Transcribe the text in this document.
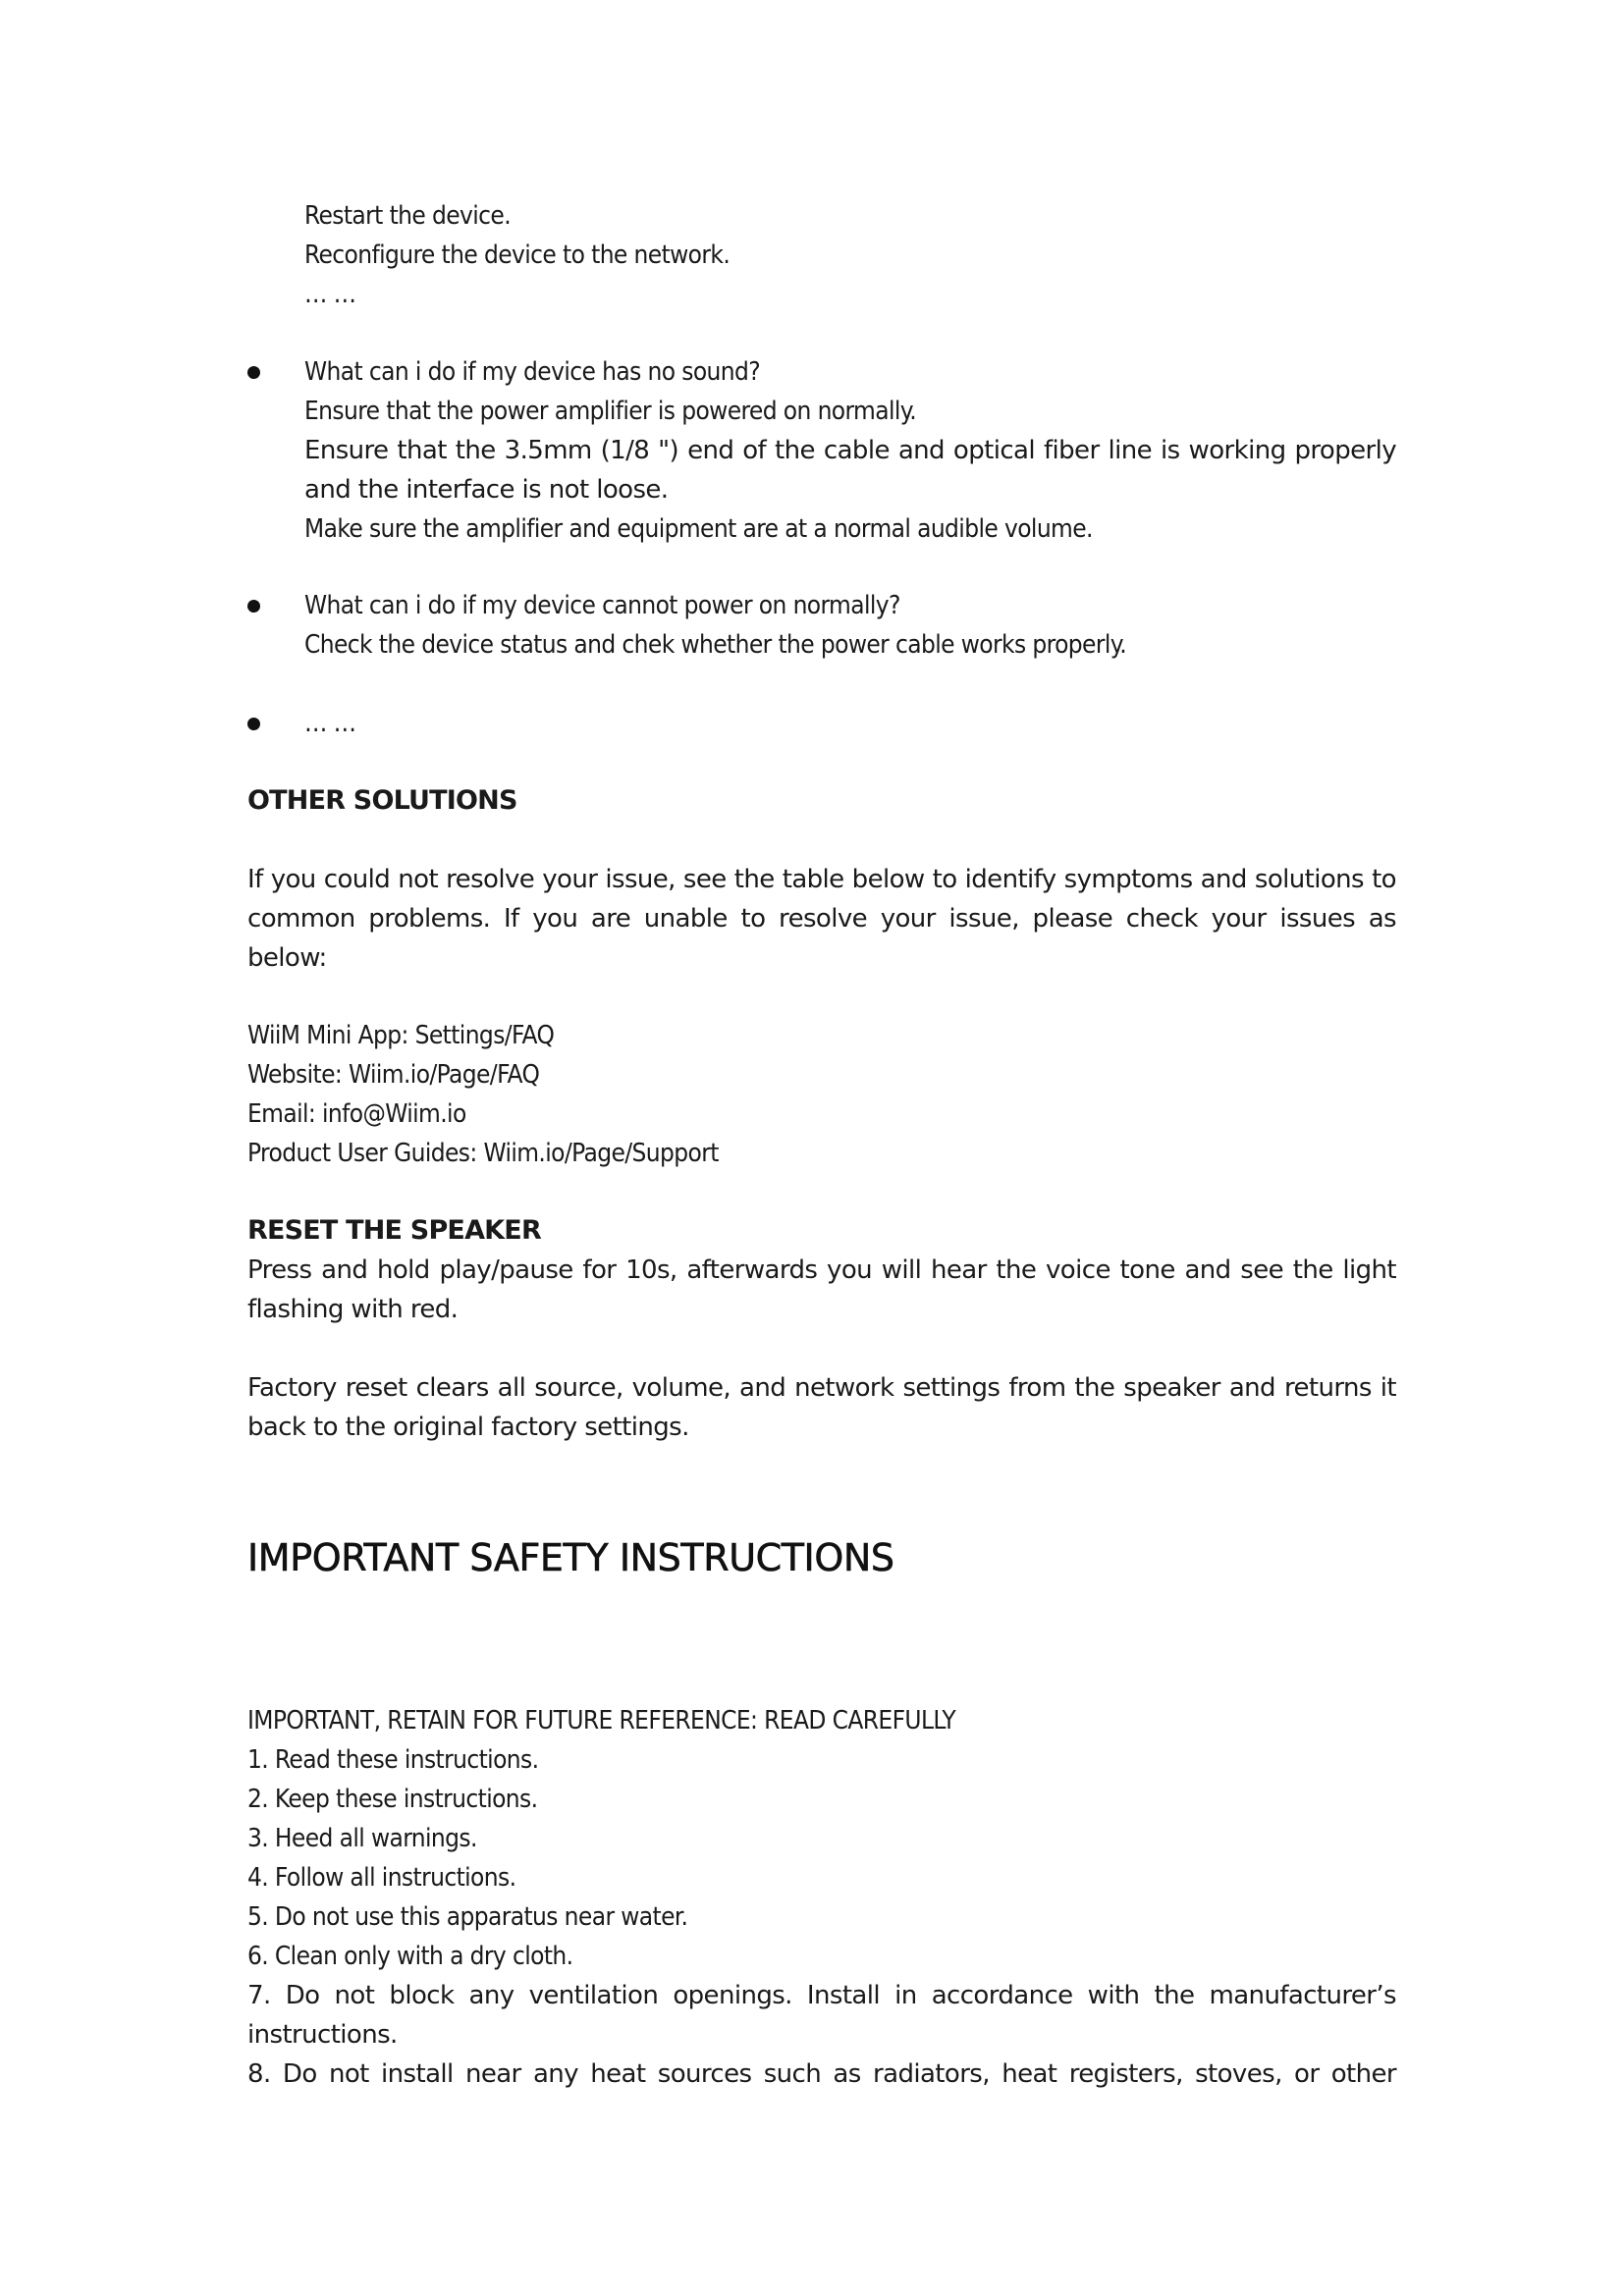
Restart the device.
Reconfigure the device to the network.
… …
What can i do if my device has no sound?
Ensure that the power amplifier is powered on normally.
Ensure that the 3.5mm (1/8 ") end of the cable and optical fiber line is working properly and the interface is not loose.
Make sure the amplifier and equipment are at a normal audible volume.
What can i do if my device cannot power on normally?
Check the device status and chek whether the power cable works properly.
… …
OTHER SOLUTIONS
If you could not resolve your issue, see the table below to identify symptoms and solutions to common problems. If you are unable to resolve your issue, please check your issues as below:
WiiM Mini App: Settings/FAQ
Website: Wiim.io/Page/FAQ
Email: info@Wiim.io
Product User Guides: Wiim.io/Page/Support
RESET THE SPEAKER
Press and hold play/pause for 10s, afterwards you will hear the voice tone and see the light flashing with red.
Factory reset clears all source, volume, and network settings from the speaker and returns it back to the original factory settings.
IMPORTANT SAFETY INSTRUCTIONS
IMPORTANT, RETAIN FOR FUTURE REFERENCE: READ CAREFULLY
1. Read these instructions.
2. Keep these instructions.
3. Heed all warnings.
4. Follow all instructions.
5. Do not use this apparatus near water.
6. Clean only with a dry cloth.
7. Do not block any ventilation openings. Install in accordance with the manufacturer’s instructions.
8. Do not install near any heat sources such as radiators, heat registers, stoves, or other
